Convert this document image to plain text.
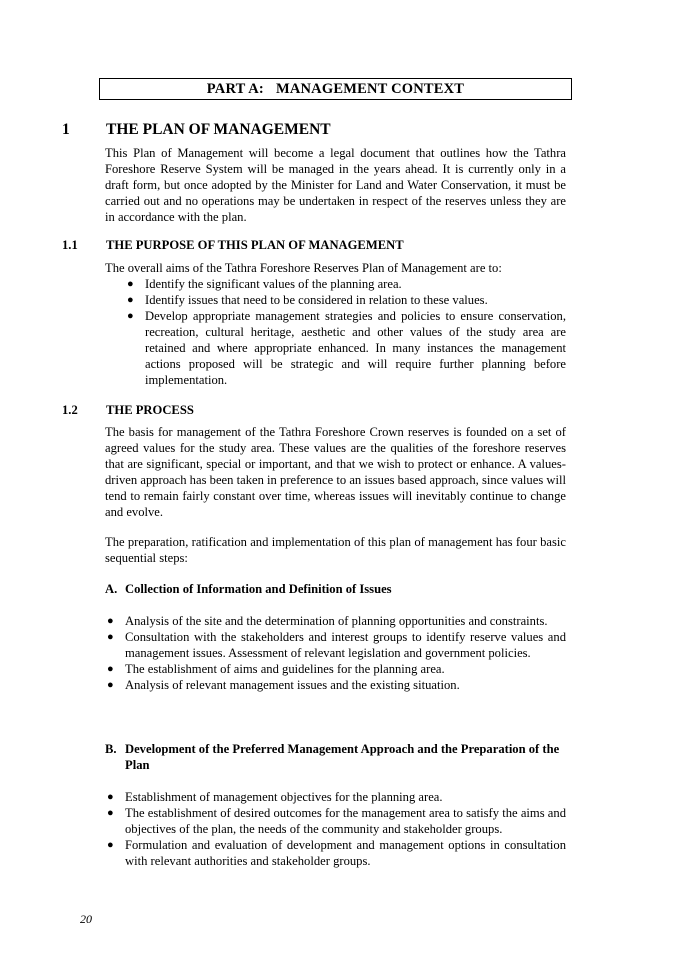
PART A: MANAGEMENT CONTEXT
1 THE PLAN OF MANAGEMENT

This Plan of Management will become a legal document that outlines how the Tathra Foreshore Reserve System will be managed in the years ahead. It is currently only in a draft form, but once adopted by the Minister for Land and Water Conservation, it must be carried out and no operations may be undertaken in respect of the reserves unless they are in accordance with the plan.

1.1 THE PURPOSE OF THIS PLAN OF MANAGEMENT

The overall aims of the Tathra Foreshore Reserves Plan of Management are to:

● Identify the significant values of the planning area.
● Identify issues that need to be considered in relation to these values.
● Develop appropriate management strategies and policies to ensure conservation, recreation, cultural heritage, aesthetic and other values of the study area are retained and where appropriate enhanced. In many instances the management actions proposed will be strategic and will require further planning before implementation.
1.2 THE PROCESS

The basis for management of the Tathra Foreshore Crown reserves is founded on a set of agreed values for the study area. These values are the qualities of the foreshore reserves that are significant, special or important, and that we wish to protect or enhance. A values-driven approach has been taken in preference to an issues based approach, since values will tend to remain fairly constant over time, whereas issues will inevitably continue to change and evolve.

The preparation, ratification and implementation of this plan of management has four basic sequential steps:

A. Collection of Information and Definition of Issues
● Analysis of the site and the determination of planning opportunities and constraints.
● Consultation with the stakeholders and interest groups to identify reserve values and management issues. Assessment of relevant legislation and government policies.
● The establishment of aims and guidelines for the planning area.
● Analysis of relevant management issues and the existing situation.
B. Development of the Preferred Management Approach and the Preparation of the Plan
● Establishment of management objectives for the planning area.
● The establishment of desired outcomes for the management area to satisfy the aims and objectives of the plan, the needs of the community and stakeholder groups.
● Formulation and evaluation of development and management options in consultation with relevant authorities and stakeholder groups.
20
